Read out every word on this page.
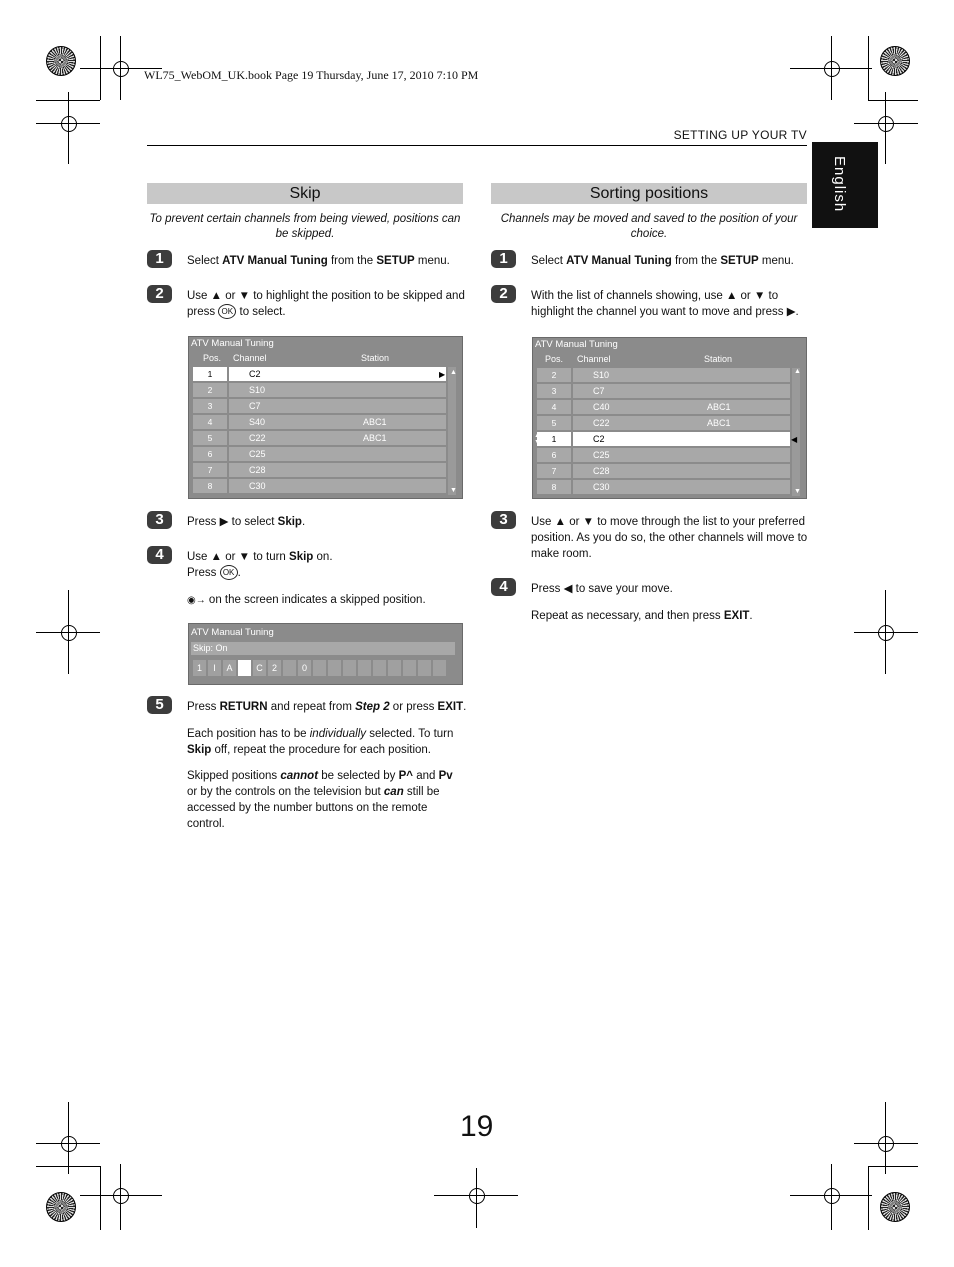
WL75_WebOM_UK.book Page 19 Thursday, June 17, 2010 7:10 PM
SETTING UP YOUR TV
English
Skip
To prevent certain channels from being viewed, positions can be skipped.
1	Select ATV Manual Tuning from the SETUP menu.
2	Use ▲ or ▼ to highlight the position to be skipped and press OK to select.
ATV Manual Tuning
Pos. Channel	Station
1	C2
2	S10
3	C7
4	S40	ABC1
5	C22	ABC1
6	C25
7	C28
8	C30
▲
▼
▶
3	Press ▶ to select Skip.
4	Use ▲ or ▼ to turn Skip on.
Press OK .
◉→ on the screen indicates a skipped position.
ATV Manual Tuning
Skip: On
1	I	A	C	2	0
5	Press RETURN and repeat from Step 2 or press EXIT.
Each position has to be individually selected. To turn Skip off, repeat the procedure for each position.
Skipped positions cannot be selected by P^ and Pv or by the controls on the television but can still be accessed by the number buttons on the remote control.
Sorting positions
Channels may be moved and saved to the position of your choice.
1	Select ATV Manual Tuning from the SETUP menu.
2	With the list of channels showing, use ▲ or ▼ to highlight the channel you want to move and press ▶.
ATV Manual Tuning
Pos. Channel	Station
2	S10
3	C7
4	C40	ABC1
5	C22	ABC1
1	C2
6	C25
7	C28
8	C30
▲
▼
▲
▼	◀
3	Use ▲ or ▼ to move through the list to your preferred position. As you do so, the other channels will move to make room.
4	Press ◀ to save your move.
Repeat as necessary, and then press EXIT.
19
